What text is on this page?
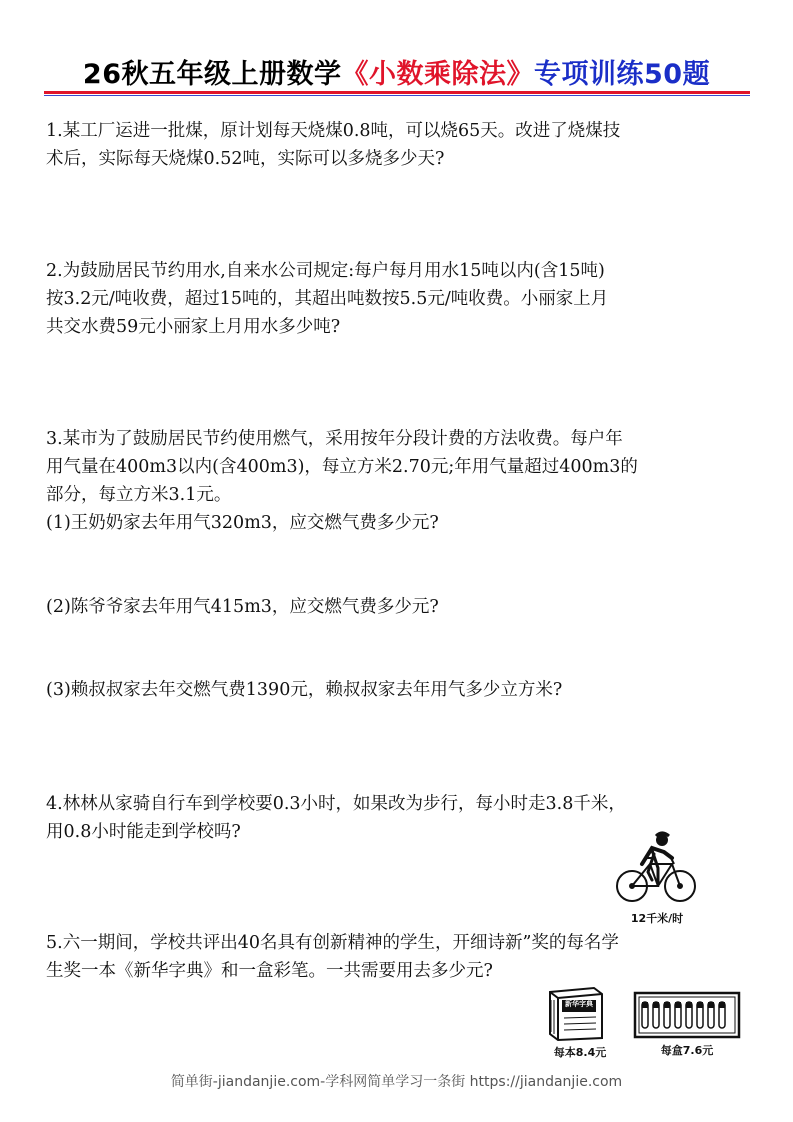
26秋五年级上册数学《小数乘除法》专项训练50题
1.某工厂运进一批煤，原计划每天烧煤0.8吨，可以烧65天。改进了烧煤技
术后，实际每天烧煤0.52吨，实际可以多烧多少天?
2.为鼓励居民节约用水,自来水公司规定:每户每月用水15吨以内(含15吨)
按3.2元/吨收费，超过15吨的，其超出吨数按5.5元/吨收费。小丽家上月
共交水费59元小丽家上月用水多少吨?
3.某市为了鼓励居民节约使用燃气，采用按年分段计费的方法收费。每户年
用气量在400m3以内(含400m3)，每立方米2.70元;年用气量超过400m3的
部分，每立方米3.1元。
(1)王奶奶家去年用气320m3，应交燃气费多少元?
(2)陈爷爷家去年用气415m3，应交燃气费多少元?
(3)赖叔叔家去年交燃气费1390元，赖叔叔家去年用气多少立方米?
4.林林从家骑自行车到学校要0.3小时，如果改为步行，每小时走3.8千米，
用0.8小时能走到学校吗?
12千米/时
5.六一期间，学校共评出40名具有创新精神的学生，开细诗新”奖的每名学
生奖一本《新华字典》和一盒彩笔。一共需要用去多少元?
新华字典
每本8.4元	每盒7.6元
简单街-jiandanjie.com-学科网简单学习一条街 https://jiandanjie.com
